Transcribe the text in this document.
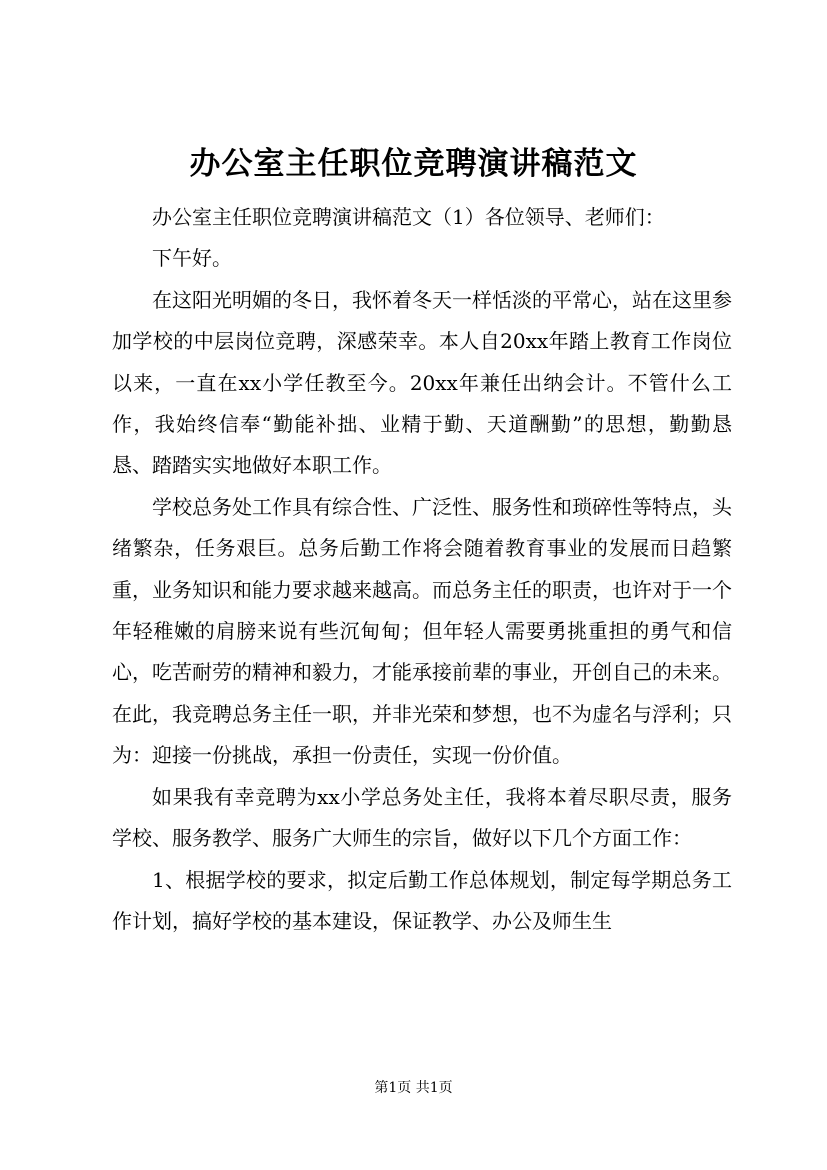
办公室主任职位竞聘演讲稿范文

办公室主任职位竞聘演讲稿范文（1）各位领导、老师们：

下午好。

在这阳光明媚的冬日，我怀着冬天一样恬淡的平常心，站在这里参加学校的中层岗位竞聘，深感荣幸。本人自20xx年踏上教育工作岗位以来，一直在xx小学任教至今。20xx年兼任出纳会计。不管什么工作，我始终信奉“勤能补拙、业精于勤、天道酬勤”的思想，勤勤恳恳、踏踏实实地做好本职工作。

学校总务处工作具有综合性、广泛性、服务性和琐碎性等特点，头绪繁杂，任务艰巨。总务后勤工作将会随着教育事业的发展而日趋繁重，业务知识和能力要求越来越高。而总务主任的职责，也许对于一个年轻稚嫩的肩膀来说有些沉甸甸；但年轻人需要勇挑重担的勇气和信心，吃苦耐劳的精神和毅力，才能承接前辈的事业，开创自己的未来。在此，我竞聘总务主任一职，并非光荣和梦想，也不为虚名与浮利；只为：迎接一份挑战，承担一份责任，实现一份价值。

如果我有幸竞聘为xx小学总务处主任，我将本着尽职尽责，服务学校、服务教学、服务广大师生的宗旨，做好以下几个方面工作：

1、根据学校的要求，拟定后勤工作总体规划，制定每学期总务工作计划，搞好学校的基本建设，保证教学、办公及师生生

第1页 共1页
